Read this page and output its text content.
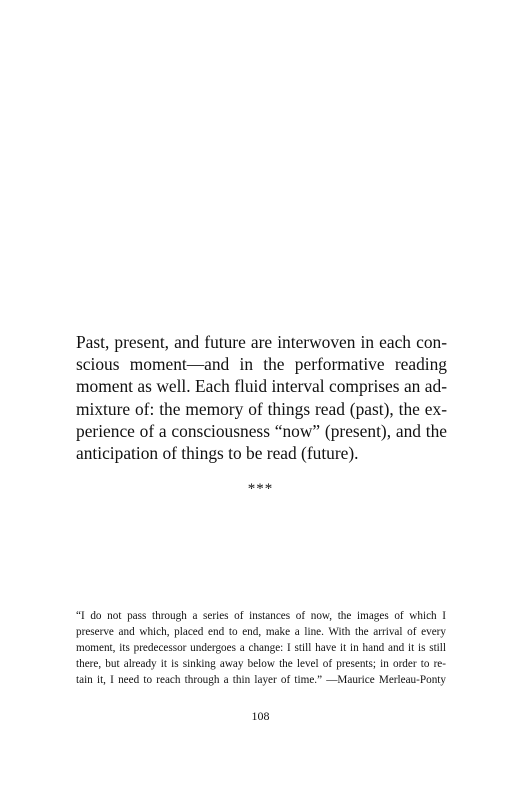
Past, present, and future are interwoven in each con-
scious moment—and in the performative reading
moment as well. Each fluid interval comprises an ad-
mixture of: the memory of things read (past), the ex-
perience of a consciousness “now” (present), and the
anticipation of things to be read (future).

***

“I do not pass through a series of instances of now, the images of which I
preserve and which, placed end to end, make a line. With the arrival of every
moment, its predecessor undergoes a change: I still have it in hand and it is still
there, but already it is sinking away below the level of presents; in order to re-
tain it, I need to reach through a thin layer of time.” —Maurice Merleau-Ponty

108
